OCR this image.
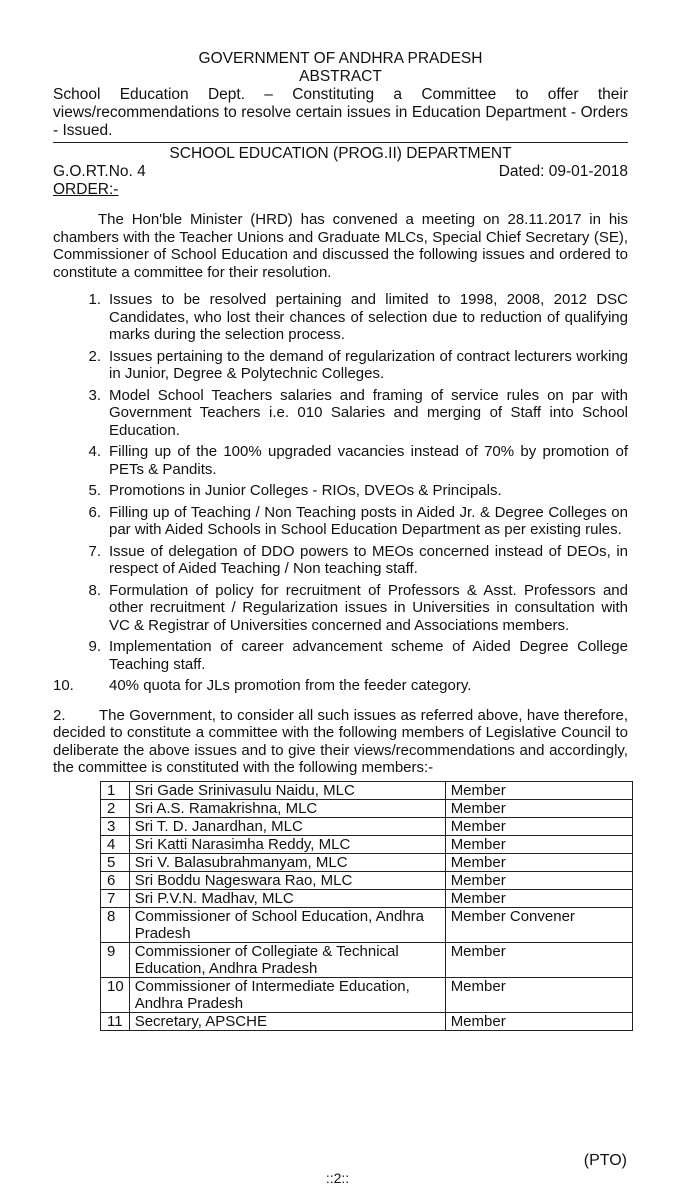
GOVERNMENT OF ANDHRA PRADESH
ABSTRACT
School Education Dept. – Constituting a Committee to offer their views/recommendations to resolve certain issues in Education Department - Orders - Issued.
SCHOOL EDUCATION (PROG.II) DEPARTMENT
G.O.RT.No. 4	Dated: 09-01-2018
ORDER:-
The Hon'ble Minister (HRD) has convened a meeting on 28.11.2017 in his chambers with the Teacher Unions and Graduate MLCs, Special Chief Secretary (SE), Commissioner of School Education and discussed the following issues and ordered to constitute a committee for their resolution.
1. Issues to be resolved pertaining and limited to 1998, 2008, 2012 DSC Candidates, who lost their chances of selection due to reduction of qualifying marks during the selection process.
2. Issues pertaining to the demand of regularization of contract lecturers working in Junior, Degree & Polytechnic Colleges.
3. Model School Teachers salaries and framing of service rules on par with Government Teachers i.e. 010 Salaries and merging of Staff into School Education.
4. Filling up of the 100% upgraded vacancies instead of 70% by promotion of PETs & Pandits.
5. Promotions in Junior Colleges - RIOs, DVEOs & Principals.
6. Filling up of Teaching / Non Teaching posts in Aided Jr. & Degree Colleges on par with Aided Schools in School Education Department as per existing rules.
7. Issue of delegation of DDO powers to MEOs concerned instead of DEOs, in respect of Aided Teaching / Non teaching staff.
8. Formulation of policy for recruitment of Professors & Asst. Professors and other recruitment / Regularization issues in Universities in consultation with VC & Registrar of Universities concerned and Associations members.
9. Implementation of career advancement scheme of Aided Degree College Teaching staff.
10.	40% quota for JLs promotion from the feeder category.
2. The Government, to consider all such issues as referred above, have therefore, decided to constitute a committee with the following members of Legislative Council to deliberate the above issues and to give their views/recommendations and accordingly, the committee is constituted with the following members:-
1	Sri Gade Srinivasulu Naidu, MLC	Member
2	Sri A.S. Ramakrishna, MLC	Member
3	Sri T. D. Janardhan, MLC	Member
4	Sri Katti Narasimha Reddy, MLC	Member
5	Sri V. Balasubrahmanyam, MLC	Member
6	Sri Boddu Nageswara Rao, MLC	Member
7	Sri P.V.N. Madhav, MLC	Member
8	Commissioner of School Education, Andhra Pradesh	Member Convener
9	Commissioner of Collegiate & Technical Education, Andhra Pradesh	Member
10	Commissioner of Intermediate Education, Andhra Pradesh	Member
11	Secretary, APSCHE	Member
(PTO)
::2::
